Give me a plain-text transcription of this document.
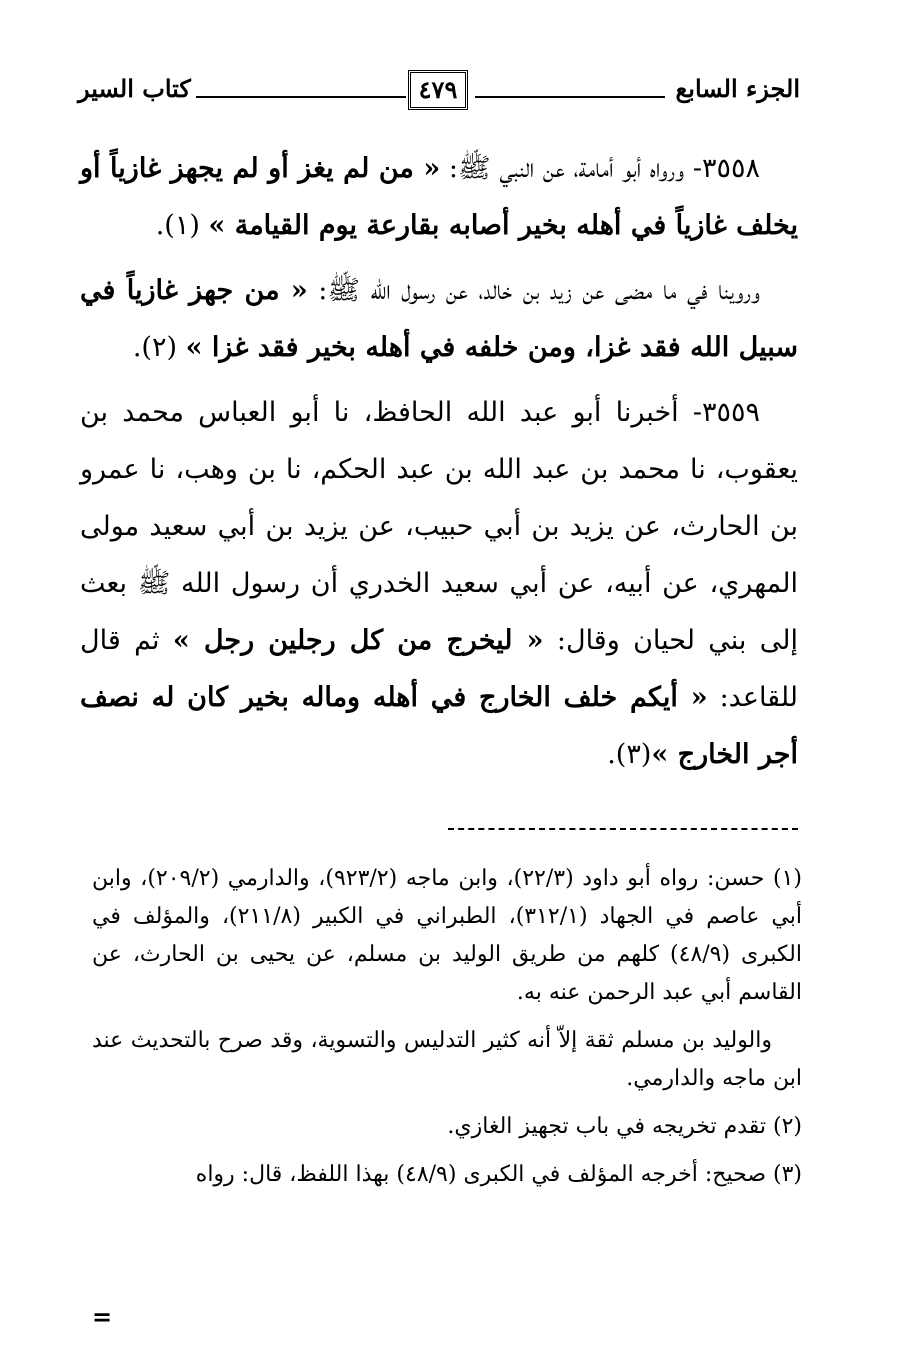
الجزء السابع
٤٧٩
كتاب السير

٣٥٥٨- ورواه أبو أمامة، عن النبي ﷺ: « من لم يغز أو لم يجهز غازياً أو يخلف غازياً في أهله بخير أصابه بقارعة يوم القيامة » (١).

وروينا في ما مضى عن زيد بن خالد، عن رسول الله ﷺ: « من جهز غازياً في سبيل الله فقد غزا، ومن خلفه في أهله بخير فقد غزا » (٢).

٣٥٥٩- أخبرنا أبو عبد الله الحافظ، نا أبو العباس محمد بن يعقوب، نا محمد بن عبد الله بن عبد الحكم، نا بن وهب، نا عمرو بن الحارث، عن يزيد بن أبي حبيب، عن يزيد بن أبي سعيد مولى المهري، عن أبيه، عن أبي سعيد الخدري أن رسول الله ﷺ بعث إلى بني لحيان وقال: « ليخرج من كل رجلين رجل » ثم قال للقاعد: « أيكم خلف الخارج في أهله وماله بخير كان له نصف أجر الخارج »(٣).

(١) حسن: رواه أبو داود (٢٢/٣)، وابن ماجه (٩٢٣/٢)، والدارمي (٢٠٩/٢)، وابن أبي عاصم في الجهاد (٣١٢/١)، الطبراني في الكبير (٢١١/٨)، والمؤلف في الكبرى (٤٨/٩) كلهم من طريق الوليد بن مسلم، عن يحيى بن الحارث، عن القاسم أبي عبد الرحمن عنه به.

والوليد بن مسلم ثقة إلاّ أنه كثير التدليس والتسوية، وقد صرح بالتحديث عند ابن ماجه والدارمي.

(٢) تقدم تخريجه في باب تجهيز الغازي.

(٣) صحيح: أخرجه المؤلف في الكبرى (٤٨/٩) بهذا اللفظ، قال: رواه

=
